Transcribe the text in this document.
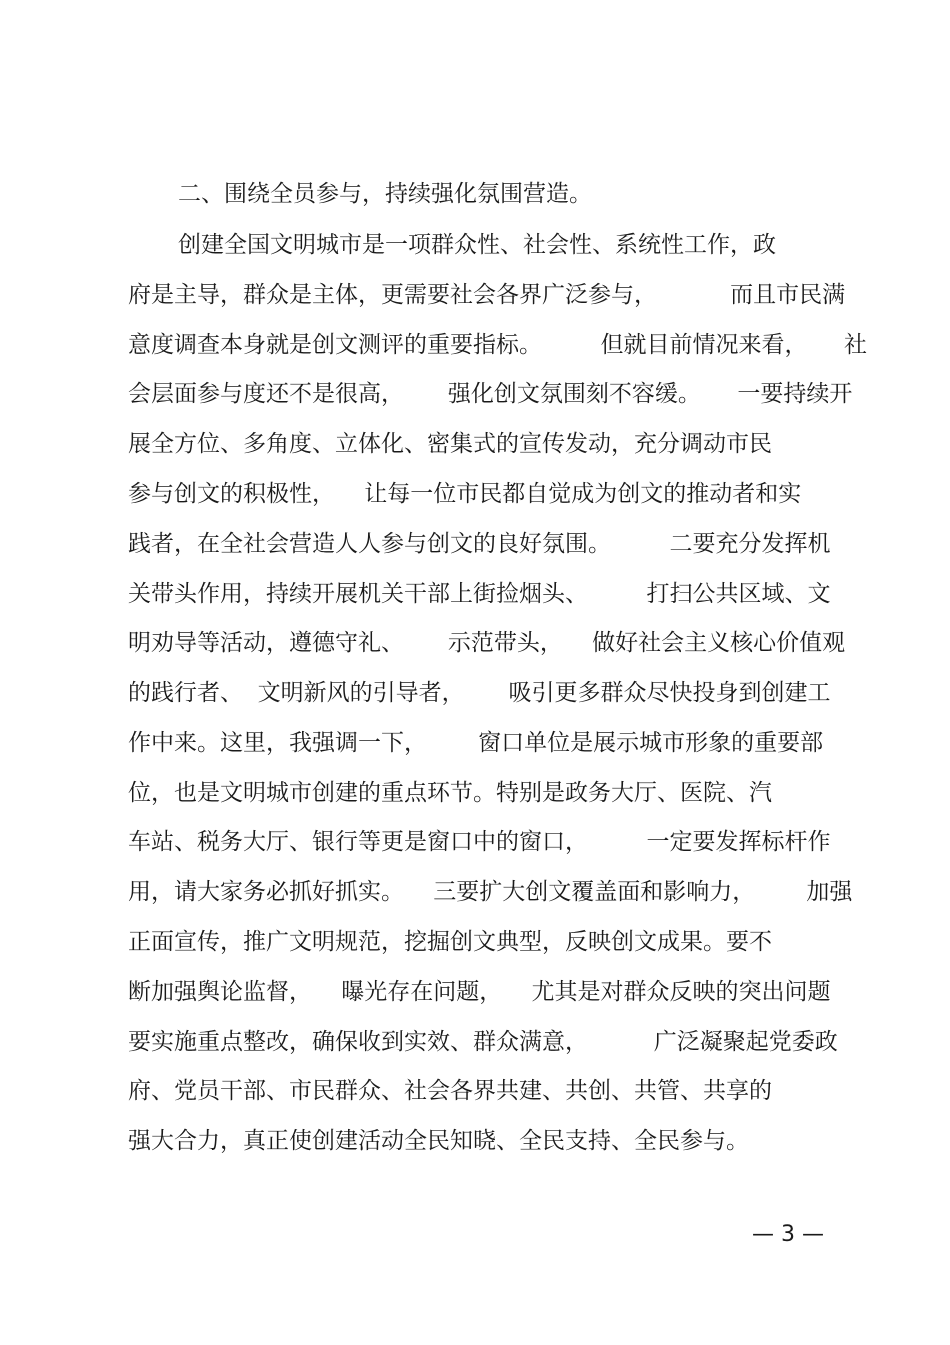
二、围绕全员参与，持续强化氛围营造。
创建全国文明城市是一项群众性、社会性、系统性工作，政
府是主导，群众是主体，更需要社会各界广泛参与，          而且市民满
意度调查本身就是创文测评的重要指标。        但就目前情况来看，     社
会层面参与度还不是很高，      强化创文氛围刻不容缓。     一要持续开
展全方位、多角度、立体化、密集式的宣传发动，充分调动市民
参与创文的积极性，    让每一位市民都自觉成为创文的推动者和实
践者，在全社会营造人人参与创文的良好氛围。        二要充分发挥机
关带头作用，持续开展机关干部上街捡烟头、        打扫公共区域、文
明劝导等活动，遵德守礼、      示范带头，    做好社会主义核心价值观
的践行者、  文明新风的引导者，      吸引更多群众尽快投身到创建工
作中来。这里，我强调一下，       窗口单位是展示城市形象的重要部
位，也是文明城市创建的重点环节。特别是政务大厅、医院、汽
车站、税务大厅、银行等更是窗口中的窗口，        一定要发挥标杆作
用，请大家务必抓好抓实。    三要扩大创文覆盖面和影响力，       加强
正面宣传，推广文明规范，挖掘创文典型，反映创文成果。要不
断加强舆论监督，    曝光存在问题，    尤其是对群众反映的突出问题
要实施重点整改，确保收到实效、群众满意，         广泛凝聚起党委政
府、党员干部、市民群众、社会各界共建、共创、共管、共享的
强大合力，真正使创建活动全民知晓、全民支持、全民参与。
— 3 —
